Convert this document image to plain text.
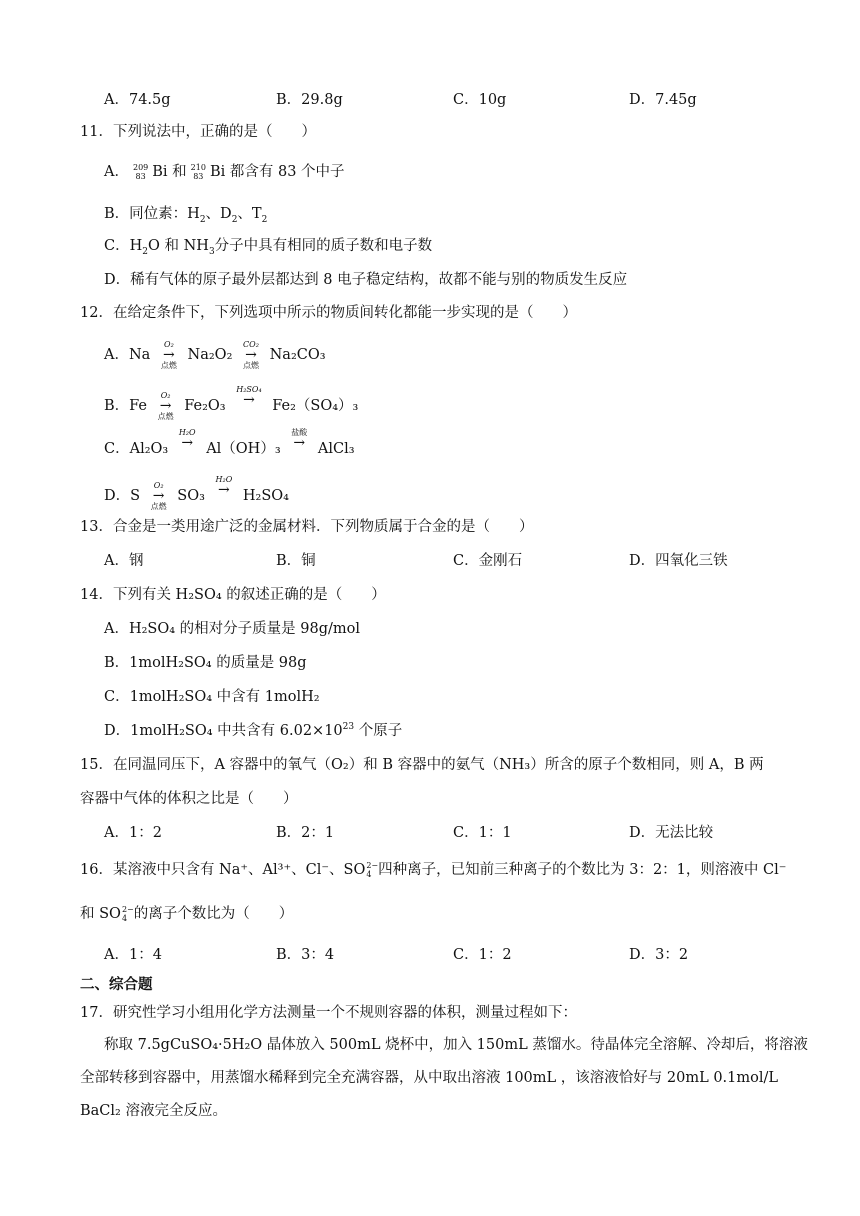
A．74.5g	B．29.8g	C．10g	D．7.45g
11．下列说法中，正确的是（　　）
A． 209
83 Bi 和 210
83 Bi 都含有 83 个中子
B．同位素：$H_2$、$D_2$、$T_2$
C．$H_2O$ 和 $NH_3$分子中具有相同的质子数和电子数
D．稀有气体的原子最外层都达到 8 电子稳定结构，故都不能与别的物质发生反应
12．在给定条件下，下列选项中所示的物质间转化都能一步实现的是（　　）
A．Na O₂
→
点燃 Na₂O₂ CO₂
→
点燃 Na₂CO₃
B．Fe O₂
→
点燃 Fe₂O₃ H₂SO₄
→	Fe₂（SO₄）₃
C．Al₂O₃ H₂O
→ Al（OH）₃ 盐酸
→ AlCl₃
D．S O₂
→
点燃 SO₃ H₂O
→ H₂SO₄
13．合金是一类用途广泛的金属材料．下列物质属于合金的是（　　）
A．钢	B．铜	C．金刚石	D．四氧化三铁
14．下列有关 H₂SO₄ 的叙述正确的是（　　）
A．H₂SO₄ 的相对分子质量是 98g/mol
B．1molH₂SO₄ 的质量是 98g
C．1molH₂SO₄ 中含有 1molH₂
D．1molH₂SO₄ 中共含有 $6.02\times 10^{23}$ 个原子
15．在同温同压下，A 容器中的氧气（O₂）和 B 容器中的氨气（NH₃）所含的原子个数相同，则 A，B 两
容器中气体的体积之比是（　　）
A．1：2	B．2：1	C．1：1	D．无法比较
16．某溶液中只含有 Na⁺、Al³⁺、Cl⁻、SO2−
4 四种离子，已知前三种离子的个数比为 3：2：1，则溶液中 Cl⁻
和 SO2−
4 的离子个数比为（　　）
A．1：4	B．3：4	C．1：2	D．3：2
二、综合题
17．研究性学习小组用化学方法测量一个不规则容器的体积，测量过程如下：
称取 7.5gCuSO₄·5H₂O 晶体放入 500mL 烧杯中，加入 150mL 蒸馏水。待晶体完全溶解、冷却后，将溶液全部转移到容器中，用蒸馏水稀释到完全充满容器，从中取出溶液 100mL ，该溶液恰好与 20mL 0.1mol/L BaCl₂ 溶液完全反应。
